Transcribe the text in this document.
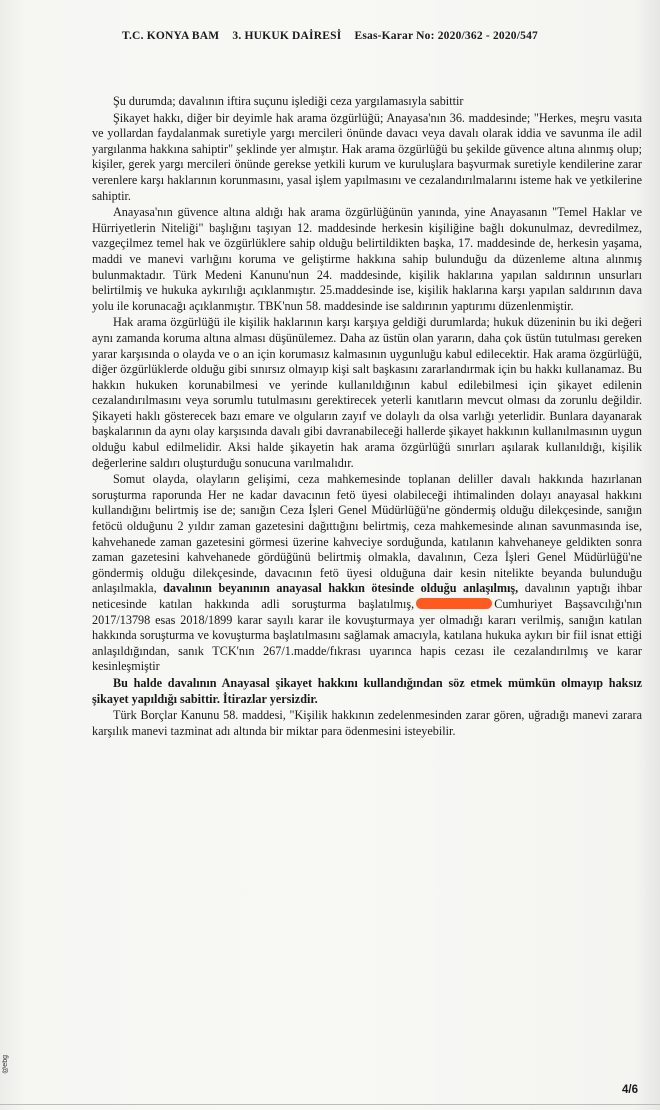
T.C. KONYA BAM 3. HUKUK DAİRESİ Esas-Karar No: 2020/362 - 2020/547

Şu durumda; davalının iftira suçunu işlediği ceza yargılamasıyla sabittir

Şikayet hakkı, diğer bir deyimle hak arama özgürlüğü; Anayasa'nın 36. maddesinde; "Herkes, meşru vasıta ve yollardan faydalanmak suretiyle yargı mercileri önünde davacı veya davalı olarak iddia ve savunma ile adil yargılanma hakkına sahiptir" şeklinde yer almıştır. Hak arama özgürlüğü bu şekilde güvence altına alınmış olup; kişiler, gerek yargı mercileri önünde gerekse yetkili kurum ve kuruluşlara başvurmak suretiyle kendilerine zarar verenlere karşı haklarının korunmasını, yasal işlem yapılmasını ve cezalandırılmalarını isteme hak ve yetkilerine sahiptir.

Anayasa'nın güvence altına aldığı hak arama özgürlüğünün yanında, yine Anayasanın "Temel Haklar ve Hürriyetlerin Niteliği" başlığını taşıyan 12. maddesinde herkesin kişiliğine bağlı dokunulmaz, devredilmez, vazgeçilmez temel hak ve özgürlüklere sahip olduğu belirtildikten başka, 17. maddesinde de, herkesin yaşama, maddi ve manevi varlığını koruma ve geliştirme hakkına sahip bulunduğu da düzenleme altına alınmış bulunmaktadır. Türk Medeni Kanunu'nun 24. maddesinde, kişilik haklarına yapılan saldırının unsurları belirtilmiş ve hukuka aykırılığı açıklanmıştır. 25.maddesinde ise, kişilik haklarına karşı yapılan saldırının dava yolu ile korunacağı açıklanmıştır. TBK'nun 58. maddesinde ise saldırının yaptırımı düzenlenmiştir.

Hak arama özgürlüğü ile kişilik haklarının karşı karşıya geldiği durumlarda; hukuk düzeninin bu iki değeri aynı zamanda koruma altına alması düşünülemez. Daha az üstün olan yararın, daha çok üstün tutulması gereken yarar karşısında o olayda ve o an için korumasız kalmasının uygunluğu kabul edilecektir. Hak arama özgürlüğü, diğer özgürlüklerde olduğu gibi sınırsız olmayıp kişi salt başkasını zararlandırmak için bu hakkı kullanamaz. Bu hakkın hukuken korunabilmesi ve yerinde kullanıldığının kabul edilebilmesi için şikayet edilenin cezalandırılmasını veya sorumlu tutulmasını gerektirecek yeterli kanıtların mevcut olması da zorunlu değildir. Şikayeti haklı gösterecek bazı emare ve olguların zayıf ve dolaylı da olsa varlığı yeterlidir. Bunlara dayanarak başkalarının da aynı olay karşısında davalı gibi davranabileceği hallerde şikayet hakkının kullanılmasının uygun olduğu kabul edilmelidir. Aksi halde şikayetin hak arama özgürlüğü sınırları aşılarak kullanıldığı, kişilik değerlerine saldırı oluşturduğu sonucuna varılmalıdır.

Somut olayda, olayların gelişimi, ceza mahkemesinde toplanan deliller davalı hakkında hazırlanan soruşturma raporunda Her ne kadar davacının fetö üyesi olabileceği ihtimalinden dolayı anayasal hakkını kullandığını belirtmiş ise de; sanığın Ceza İşleri Genel Müdürlüğü'ne göndermiş olduğu dilekçesinde, sanığın fetöcü olduğunu 2 yıldır zaman gazetesini dağıttığını belirtmiş, ceza mahkemesinde alınan savunmasında ise, kahvehanede zaman gazetesini görmesi üzerine kahveciye sorduğunda, katılanın kahvehaneye geldikten sonra zaman gazetesini kahvehanede gördüğünü belirtmiş olmakla, davalının, Ceza İşleri Genel Müdürlüğü'ne göndermiş olduğu dilekçesinde, davacının fetö üyesi olduğuna dair kesin nitelikte beyanda bulunduğu anlaşılmakla, davalının beyanının anayasal hakkın ötesinde olduğu anlaşılmış, davalının yaptığı ihbar neticesinde katılan hakkında adli soruşturma başlatılmış,	Cumhuriyet Başsavcılığı'nın 2017/13798 esas 2018/1899 karar sayılı karar ile kovuşturmaya yer olmadığı kararı verilmiş, sanığın katılan hakkında soruşturma ve kovuşturma başlatılmasını sağlamak amacıyla, katılana hukuka aykırı bir fiil isnat ettiği anlaşıldığından, sanık TCK'nın 267/1.madde/fıkrası uyarınca hapis cezası ile cezalandırılmış ve karar kesinleşmiştir

Bu halde davalının Anayasal şikayet hakkını kullandığından söz etmek mümkün olmayıp haksız şikayet yapıldığı sabittir. İtirazlar yersizdir.

Türk Borçlar Kanunu 58. maddesi, "Kişilik hakkının zedelenmesinden zarar gören, uğradığı manevi zarara karşılık manevi tazminat adı altında bir miktar para ödenmesini isteyebilir.

@ebg
4/6
